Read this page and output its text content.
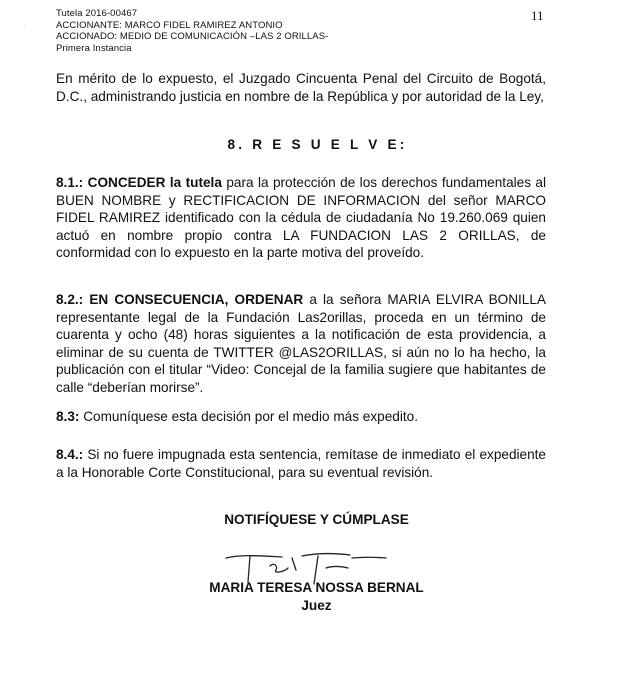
·
Tutela 2016-00467
ACCIONANTE: MARCO FIDEL RAMIREZ ANTONIO
ACCIONADO: MEDIO DE COMUNICACIÓN –LAS 2 ORILLAS-
Primera Instancia
11
En mérito de lo expuesto, el Juzgado Cincuenta Penal del Circuito de Bogotá, D.C., administrando justicia en nombre de la República y por autoridad de la Ley,
8. R E S U E L V E:
8.1.: CONCEDER la tutela para la protección de los derechos fundamentales al BUEN NOMBRE y RECTIFICACION DE INFORMACION del señor MARCO FIDEL RAMIREZ identificado con la cédula de ciudadanía No 19.260.069 quien actuó en nombre propio contra LA FUNDACION LAS 2 ORILLAS, de conformidad con lo expuesto en la parte motiva del proveído.
8.2.: EN CONSECUENCIA, ORDENAR a la señora MARIA ELVIRA BONILLA representante legal de la Fundación Las2orillas, proceda en un término de cuarenta y ocho (48) horas siguientes a la notificación de esta providencia, a eliminar de su cuenta de TWITTER @LAS2ORILLAS, si aún no lo ha hecho, la publicación con el titular “Video: Concejal de la familia sugiere que habitantes de calle “deberían morirse”.
8.3: Comuníquese esta decisión por el medio más expedito.
8.4.: Si no fuere impugnada esta sentencia, remítase de inmediato el expediente a la Honorable Corte Constitucional, para su eventual revisión.
NOTIFÍQUESE Y CÚMPLASE
MARIA TERESA NOSSA BERNAL
Juez
